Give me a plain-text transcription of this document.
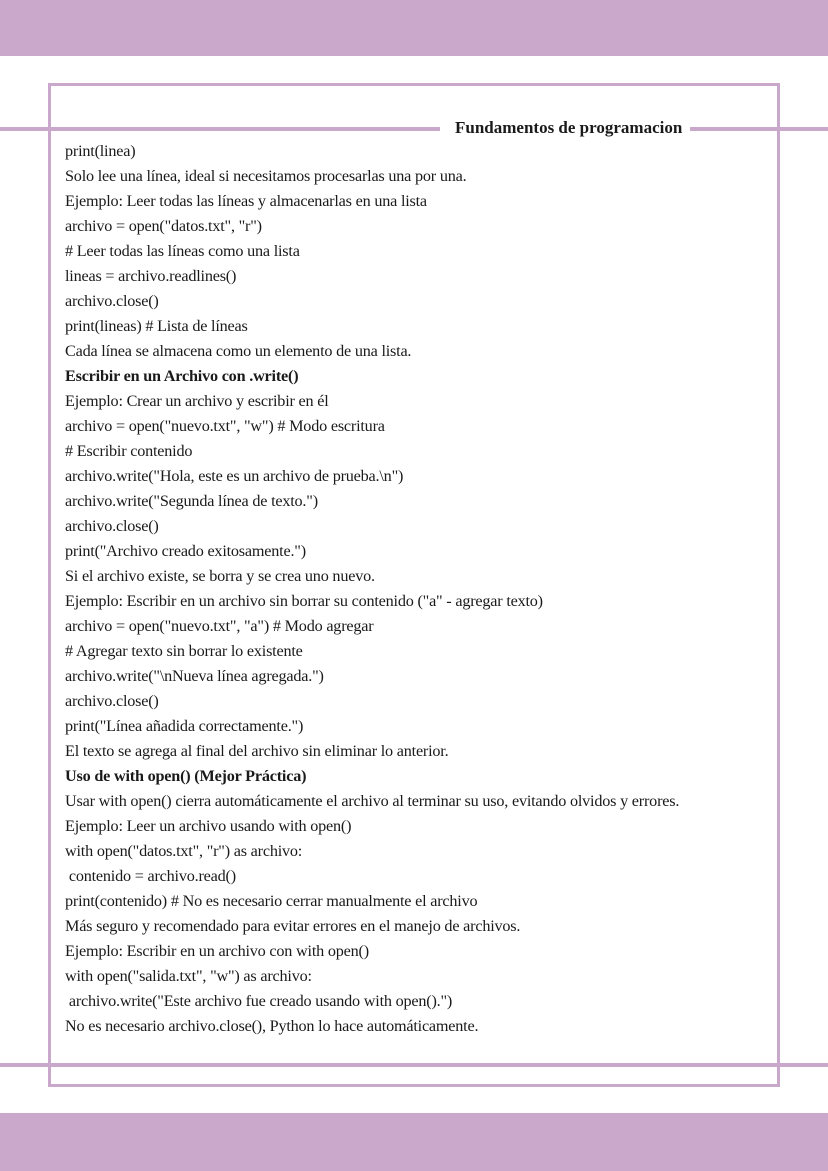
Fundamentos de programacion
print(linea)
Solo lee una línea, ideal si necesitamos procesarlas una por una.
Ejemplo: Leer todas las líneas y almacenarlas en una lista
archivo = open("datos.txt", "r")
# Leer todas las líneas como una lista
lineas = archivo.readlines()
archivo.close()
print(lineas) # Lista de líneas
Cada línea se almacena como un elemento de una lista.
Escribir en un Archivo con .write()
Ejemplo: Crear un archivo y escribir en él
archivo = open("nuevo.txt", "w") # Modo escritura
# Escribir contenido
archivo.write("Hola, este es un archivo de prueba.\n")
archivo.write("Segunda línea de texto.")
archivo.close()
print("Archivo creado exitosamente.")
Si el archivo existe, se borra y se crea uno nuevo.
Ejemplo: Escribir en un archivo sin borrar su contenido ("a" - agregar texto)
archivo = open("nuevo.txt", "a") # Modo agregar
# Agregar texto sin borrar lo existente
archivo.write("\nNueva línea agregada.")
archivo.close()
print("Línea añadida correctamente.")
El texto se agrega al final del archivo sin eliminar lo anterior.
Uso de with open() (Mejor Práctica)
Usar with open() cierra automáticamente el archivo al terminar su uso, evitando olvidos y errores.
Ejemplo: Leer un archivo usando with open()
with open("datos.txt", "r") as archivo:
contenido = archivo.read()
print(contenido) # No es necesario cerrar manualmente el archivo
Más seguro y recomendado para evitar errores en el manejo de archivos.
Ejemplo: Escribir en un archivo con with open()
with open("salida.txt", "w") as archivo:
archivo.write("Este archivo fue creado usando with open().")
No es necesario archivo.close(), Python lo hace automáticamente.
